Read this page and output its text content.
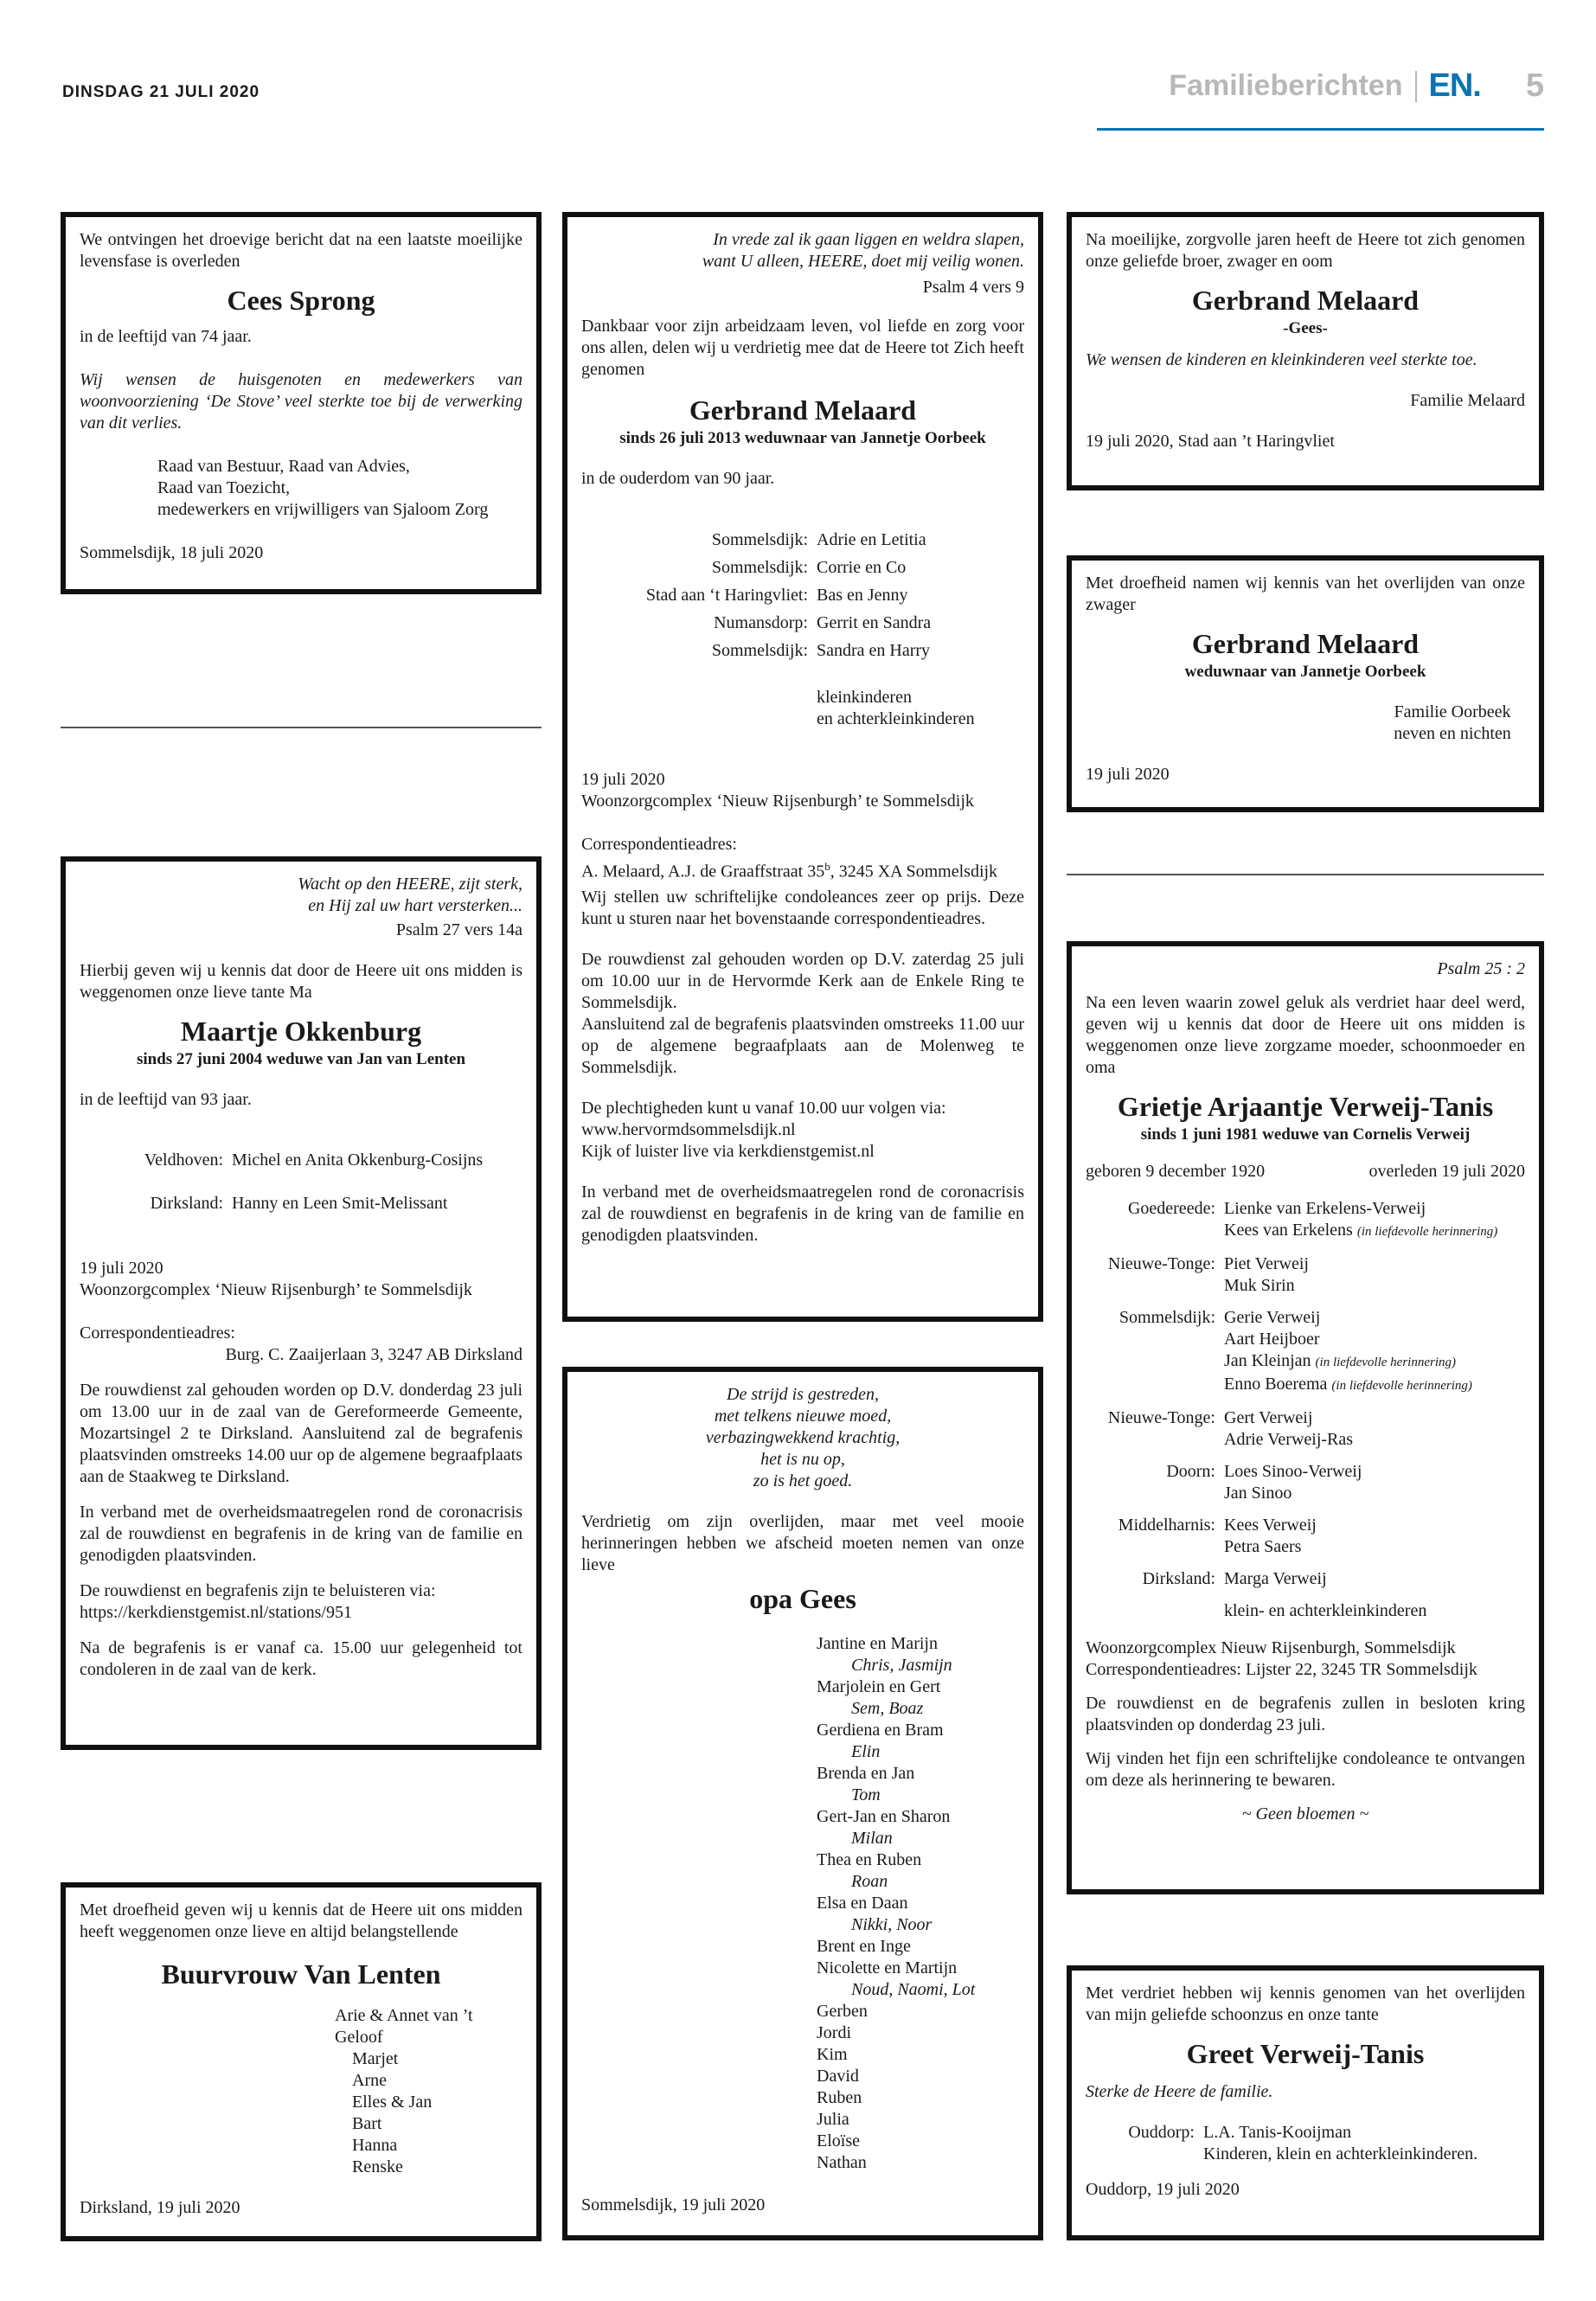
DINSDAG 21 JULI 2020	Familieberichten EN. 5

We ontvingen het droevige bericht dat na een laatste moeilijke levensfase is overleden

Cees Sprong

in de leeftijd van 74 jaar.

Wij wensen de huisgenoten en medewerkers van woonvoorziening ‘De Stove’ veel sterkte toe bij de verwerking van dit verlies.

Raad van Bestuur, Raad van Advies,

Raad van Toezicht,

medewerkers en vrijwilligers van Sjaloom Zorg

Sommelsdijk, 18 juli 2020

Wacht op den HEERE, zijt sterk,

en Hij zal uw hart versterken...

Psalm 27 vers 14a

Hierbij geven wij u kennis dat door de Heere uit ons midden is weggenomen onze lieve tante Ma

Maartje Okkenburg

sinds 27 juni 2004 weduwe van Jan van Lenten

in de leeftijd van 93 jaar.

Veldhoven: Michel en Anita Okkenburg-Cosijns
Dirksland: Hanny en Leen Smit-Melissant

19 juli 2020

Woonzorgcomplex ‘Nieuw Rijsenburgh’ te Sommelsdijk

Correspondentieadres:

Burg. C. Zaaijerlaan 3, 3247 AB Dirksland

De rouwdienst zal gehouden worden op D.V. donderdag 23 juli om 13.00 uur in de zaal van de Gereformeerde Gemeente, Mozartsingel 2 te Dirksland. Aansluitend zal de begrafenis plaatsvinden omstreeks 14.00 uur op de algemene begraafplaats aan de Staakweg te Dirksland.

In verband met de overheidsmaatregelen rond de coronacrisis zal de rouwdienst en begrafenis in de kring van de familie en genodigden plaatsvinden.

De rouwdienst en begrafenis zijn te beluisteren via:

https://kerkdienstgemist.nl/stations/951

Na de begrafenis is er vanaf ca. 15.00 uur gelegenheid tot condoleren in de zaal van de kerk.

Met droefheid geven wij u kennis dat de Heere uit ons midden heeft weggenomen onze lieve en altijd belangstellende

Buurvrouw Van Lenten

Arie & Annet van ’t Geloof

Marjet

Arne

Elles & Jan

Bart

Hanna

Renske

Dirksland, 19 juli 2020

In vrede zal ik gaan liggen en weldra slapen,

want U alleen, HEERE, doet mij veilig wonen.

Psalm 4 vers 9

Dankbaar voor zijn arbeidzaam leven, vol liefde en zorg voor ons allen, delen wij u verdrietig mee dat de Heere tot Zich heeft genomen

Gerbrand Melaard

sinds 26 juli 2013 weduwnaar van Jannetje Oorbeek

in de ouderdom van 90 jaar.

Sommelsdijk: Adrie en Letitia
Sommelsdijk: Corrie en Co
Stad aan ‘t Haringvliet: Bas en Jenny
Numansdorp: Gerrit en Sandra
Sommelsdijk: Sandra en Harry

kleinkinderen

en achterkleinkinderen

19 juli 2020

Woonzorgcomplex ‘Nieuw Rijsenburgh’ te Sommelsdijk

Correspondentieadres:

A. Melaard, A.J. de Graaffstraat 35$^b$, 3245 XA Sommelsdijk

Wij stellen uw schriftelijke condoleances zeer op prijs. Deze kunt u sturen naar het bovenstaande correspondentieadres.

De rouwdienst zal gehouden worden op D.V. zaterdag 25 juli om 10.00 uur in de Hervormde Kerk aan de Enkele Ring te Sommelsdijk.

Aansluitend zal de begrafenis plaatsvinden omstreeks 11.00 uur op de algemene begraafplaats aan de Molenweg te Sommelsdijk.

De plechtigheden kunt u vanaf 10.00 uur volgen via:

www.hervormdsommelsdijk.nl

Kijk of luister live via kerkdienstgemist.nl

In verband met de overheidsmaatregelen rond de coronacrisis zal de rouwdienst en begrafenis in de kring van de familie en genodigden plaatsvinden.

De strijd is gestreden,

met telkens nieuwe moed,

verbazingwekkend krachtig,

het is nu op,

zo is het goed.

Verdrietig om zijn overlijden, maar met veel mooie herinneringen hebben we afscheid moeten nemen van onze lieve

opa Gees

Jantine en Marijn

Chris, Jasmijn

Marjolein en Gert

Sem, Boaz

Gerdiena en Bram

Elin

Brenda en Jan

Tom

Gert-Jan en Sharon

Milan

Thea en Ruben

Roan

Elsa en Daan

Nikki, Noor

Brent en Inge

Nicolette en Martijn

Noud, Naomi, Lot

Gerben

Jordi

Kim

David

Ruben

Julia

Eloïse

Nathan

Sommelsdijk, 19 juli 2020

Na moeilijke, zorgvolle jaren heeft de Heere tot zich genomen onze geliefde broer, zwager en oom

Gerbrand Melaard

-Gees-

We wensen de kinderen en kleinkinderen veel sterkte toe.

Familie Melaard

19 juli 2020, Stad aan ’t Haringvliet

Met droefheid namen wij kennis van het overlijden van onze zwager

Gerbrand Melaard

weduwnaar van Jannetje Oorbeek

Familie Oorbeek

neven en nichten

19 juli 2020

Psalm 25 : 2

Na een leven waarin zowel geluk als verdriet haar deel werd, geven wij u kennis dat door de Heere uit ons midden is weggenomen onze lieve zorgzame moeder, schoonmoeder en oma

Grietje Arjaantje Verweij-Tanis

sinds 1 juni 1981 weduwe van Cornelis Verweij

geboren 9 december 1920	overleden 19 juli 2020
Goedereede: Lienke van Erkelens-Verweij

Kees van Erkelens (in liefdevolle herinnering)

Nieuwe-Tonge: Piet Verweij

Muk Sirin

Sommelsdijk: Gerie Verweij

Aart Heijboer

Jan Kleinjan (in liefdevolle herinnering)

Enno Boerema (in liefdevolle herinnering)

Nieuwe-Tonge: Gert Verweij

Adrie Verweij-Ras

Doorn: Loes Sinoo-Verweij

Jan Sinoo

Middelharnis: Kees Verweij

Petra Saers

Dirksland: Marga Verweij

klein- en achterkleinkinderen

Woonzorgcomplex Nieuw Rijsenburgh, Sommelsdijk

Correspondentieadres: Lijster 22, 3245 TR Sommelsdijk

De rouwdienst en de begrafenis zullen in besloten kring plaatsvinden op donderdag 23 juli.

Wij vinden het fijn een schriftelijke condoleance te ontvangen om deze als herinnering te bewaren.

~ Geen bloemen ~

Met verdriet hebben wij kennis genomen van het overlijden van mijn geliefde schoonzus en onze tante

Greet Verweij-Tanis

Sterke de Heere de familie.

Ouddorp: L.A. Tanis-Kooijman

Kinderen, klein en achterkleinkinderen.

Ouddorp, 19 juli 2020
